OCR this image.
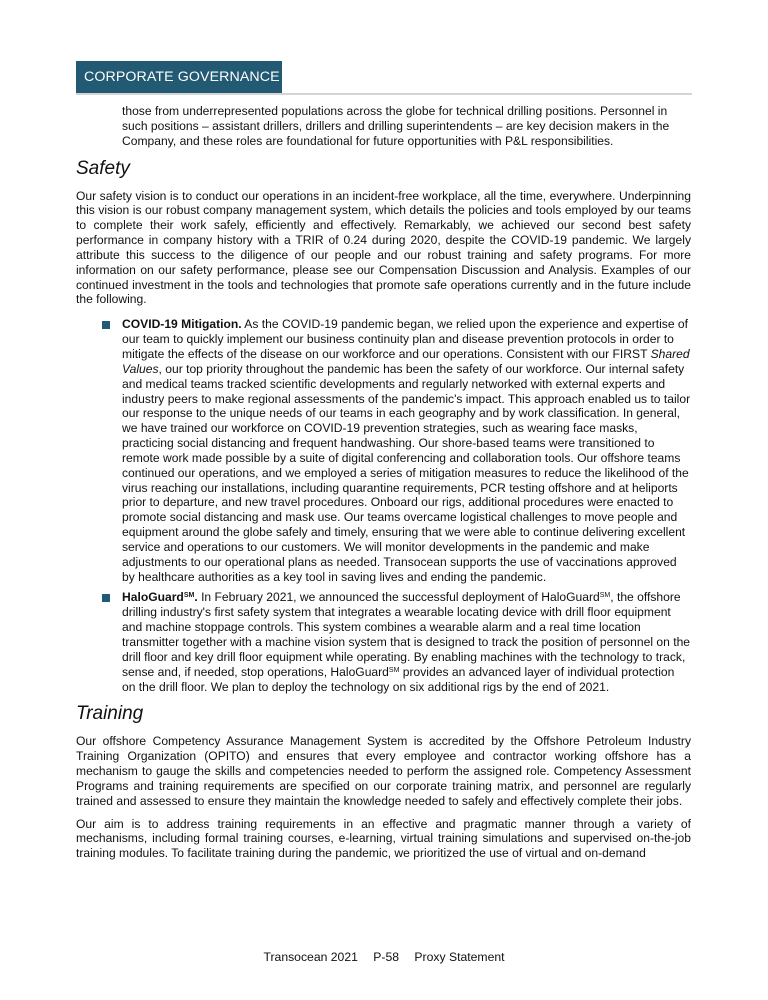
CORPORATE GOVERNANCE

those from underrepresented populations across the globe for technical drilling positions. Personnel in such positions – assistant drillers, drillers and drilling superintendents – are key decision makers in the Company, and these roles are foundational for future opportunities with P&L responsibilities.

Safety

Our safety vision is to conduct our operations in an incident-free workplace, all the time, everywhere. Underpinning this vision is our robust company management system, which details the policies and tools employed by our teams to complete their work safely, efficiently and effectively. Remarkably, we achieved our second best safety performance in company history with a TRIR of 0.24 during 2020, despite the COVID-19 pandemic. We largely attribute this success to the diligence of our people and our robust training and safety programs. For more information on our safety performance, please see our Compensation Discussion and Analysis. Examples of our continued investment in the tools and technologies that promote safe operations currently and in the future include the following.

COVID-19 Mitigation. As the COVID-19 pandemic began, we relied upon the experience and expertise of our team to quickly implement our business continuity plan and disease prevention protocols in order to mitigate the effects of the disease on our workforce and our operations. Consistent with our FIRST Shared Values, our top priority throughout the pandemic has been the safety of our workforce. Our internal safety and medical teams tracked scientific developments and regularly networked with external experts and industry peers to make regional assessments of the pandemic's impact. This approach enabled us to tailor our response to the unique needs of our teams in each geography and by work classification. In general, we have trained our workforce on COVID-19 prevention strategies, such as wearing face masks, practicing social distancing and frequent handwashing. Our shore-based teams were transitioned to remote work made possible by a suite of digital conferencing and collaboration tools. Our offshore teams continued our operations, and we employed a series of mitigation measures to reduce the likelihood of the virus reaching our installations, including quarantine requirements, PCR testing offshore and at heliports prior to departure, and new travel procedures. Onboard our rigs, additional procedures were enacted to promote social distancing and mask use. Our teams overcame logistical challenges to move people and equipment around the globe safely and timely, ensuring that we were able to continue delivering excellent service and operations to our customers. We will monitor developments in the pandemic and make adjustments to our operational plans as needed. Transocean supports the use of vaccinations approved by healthcare authorities as a key tool in saving lives and ending the pandemic.
HaloGuard℠. In February 2021, we announced the successful deployment of HaloGuard℠, the offshore drilling industry's first safety system that integrates a wearable locating device with drill floor equipment and machine stoppage controls. This system combines a wearable alarm and a real time location transmitter together with a machine vision system that is designed to track the position of personnel on the drill floor and key drill floor equipment while operating. By enabling machines with the technology to track, sense and, if needed, stop operations, HaloGuard℠ provides an advanced layer of individual protection on the drill floor. We plan to deploy the technology on six additional rigs by the end of 2021.
Training

Our offshore Competency Assurance Management System is accredited by the Offshore Petroleum Industry Training Organization (OPITO) and ensures that every employee and contractor working offshore has a mechanism to gauge the skills and competencies needed to perform the assigned role. Competency Assessment Programs and training requirements are specified on our corporate training matrix, and personnel are regularly trained and assessed to ensure they maintain the knowledge needed to safely and effectively complete their jobs.

Our aim is to address training requirements in an effective and pragmatic manner through a variety of mechanisms, including formal training courses, e-learning, virtual training simulations and supervised on-the-job training modules. To facilitate training during the pandemic, we prioritized the use of virtual and on-demand

Transocean 2021 P-58 Proxy Statement
